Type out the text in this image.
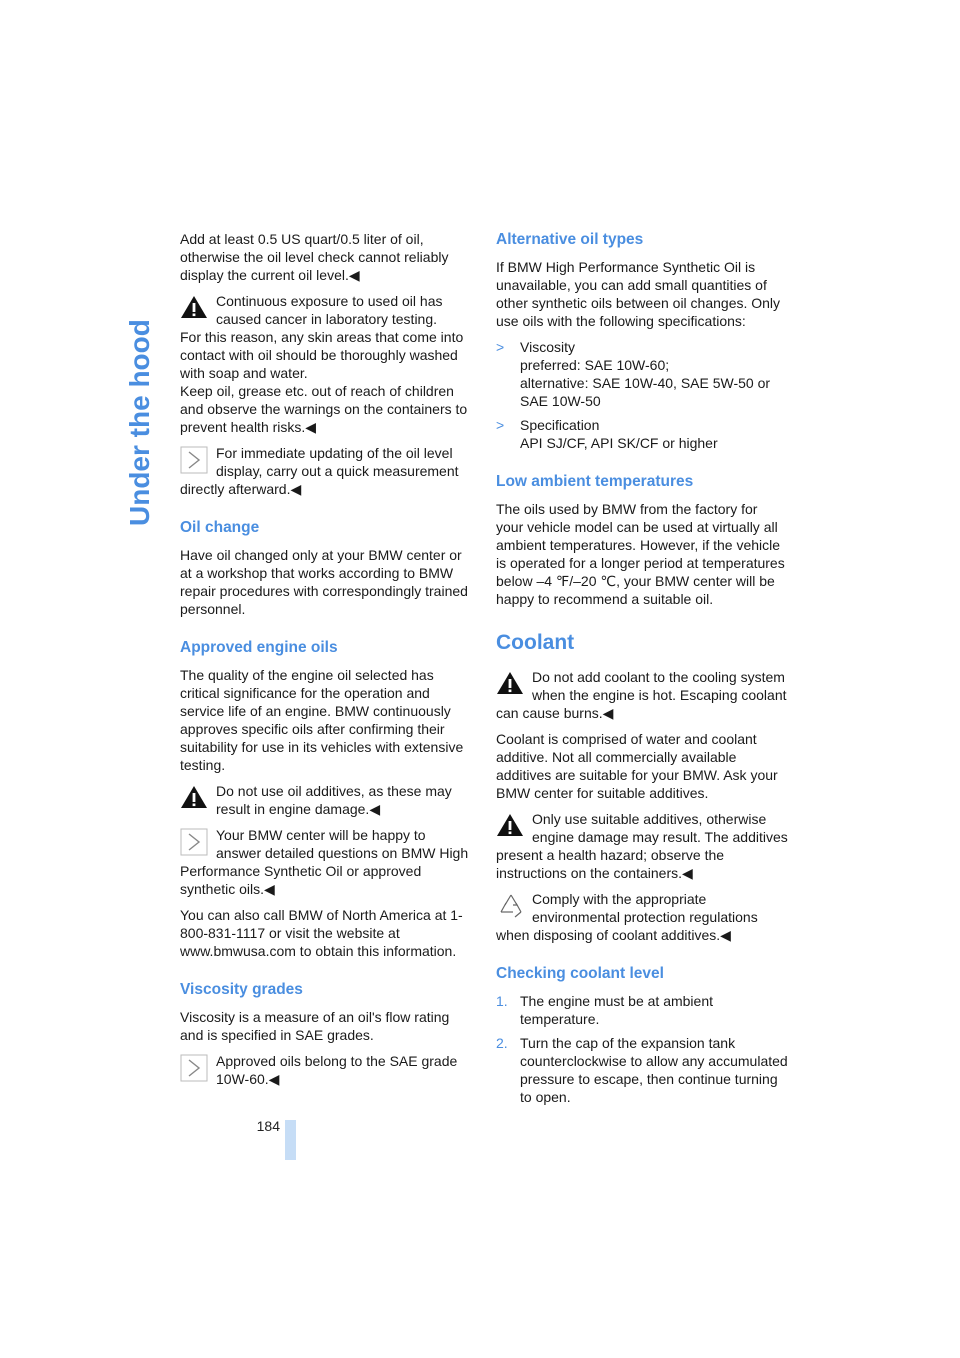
Under the hood
184

Add at least 0.5 US quart/0.5 liter of oil, otherwise the oil level check cannot reliably display the current oil level.◀

Continuous exposure to used oil has caused cancer in laboratory testing.
For this reason, any skin areas that come into contact with oil should be thoroughly washed with soap and water.
Keep oil, grease etc. out of reach of children and observe the warnings on the containers to prevent health risks.◀
For immediate updating of the oil level display, carry out a quick measurement directly afterward.◀
Oil change

Have oil changed only at your BMW center or at a workshop that works according to BMW repair procedures with correspondingly trained personnel.

Approved engine oils

The quality of the engine oil selected has critical significance for the operation and service life of an engine. BMW continuously approves specific oils after confirming their suitability for use in its vehicles with extensive testing.

Do not use oil additives, as these may result in engine damage.◀
Your BMW center will be happy to answer detailed questions on BMW High Performance Synthetic Oil or approved synthetic oils.◀

You can also call BMW of North America at 1-800-831-1117 or visit the website at www.bmwusa.com to obtain this information.

Viscosity grades

Viscosity is a measure of an oil's flow rating and is specified in SAE grades.

Approved oils belong to the SAE grade 10W-60.◀
Alternative oil types

If BMW High Performance Synthetic Oil is unavailable, you can add small quantities of other synthetic oils between oil changes. Only use oils with the following specifications:

> Viscosity
preferred: SAE 10W-60;
alternative: SAE 10W-40, SAE 5W-50 or SAE 10W-50
> Specification
API SJ/CF, API SK/CF or higher
Low ambient temperatures

The oils used by BMW from the factory for your vehicle model can be used at virtually all ambient temperatures. However, if the vehicle is operated for a longer period at temperatures below –4 ℉/–20 ℃, your BMW center will be happy to recommend a suitable oil.

Coolant
Do not add coolant to the cooling system when the engine is hot. Escaping coolant can cause burns.◀

Coolant is comprised of water and coolant additive. Not all commercially available additives are suitable for your BMW. Ask your BMW center for suitable additives.

Only use suitable additives, otherwise engine damage may result. The additives present a health hazard; observe the instructions on the containers.◀
Comply with the appropriate environmental protection regulations when disposing of coolant additives.◀
Checking coolant level
1. The engine must be at ambient temperature.
2. Turn the cap of the expansion tank counterclockwise to allow any accumulated pressure to escape, then continue turning to open.
